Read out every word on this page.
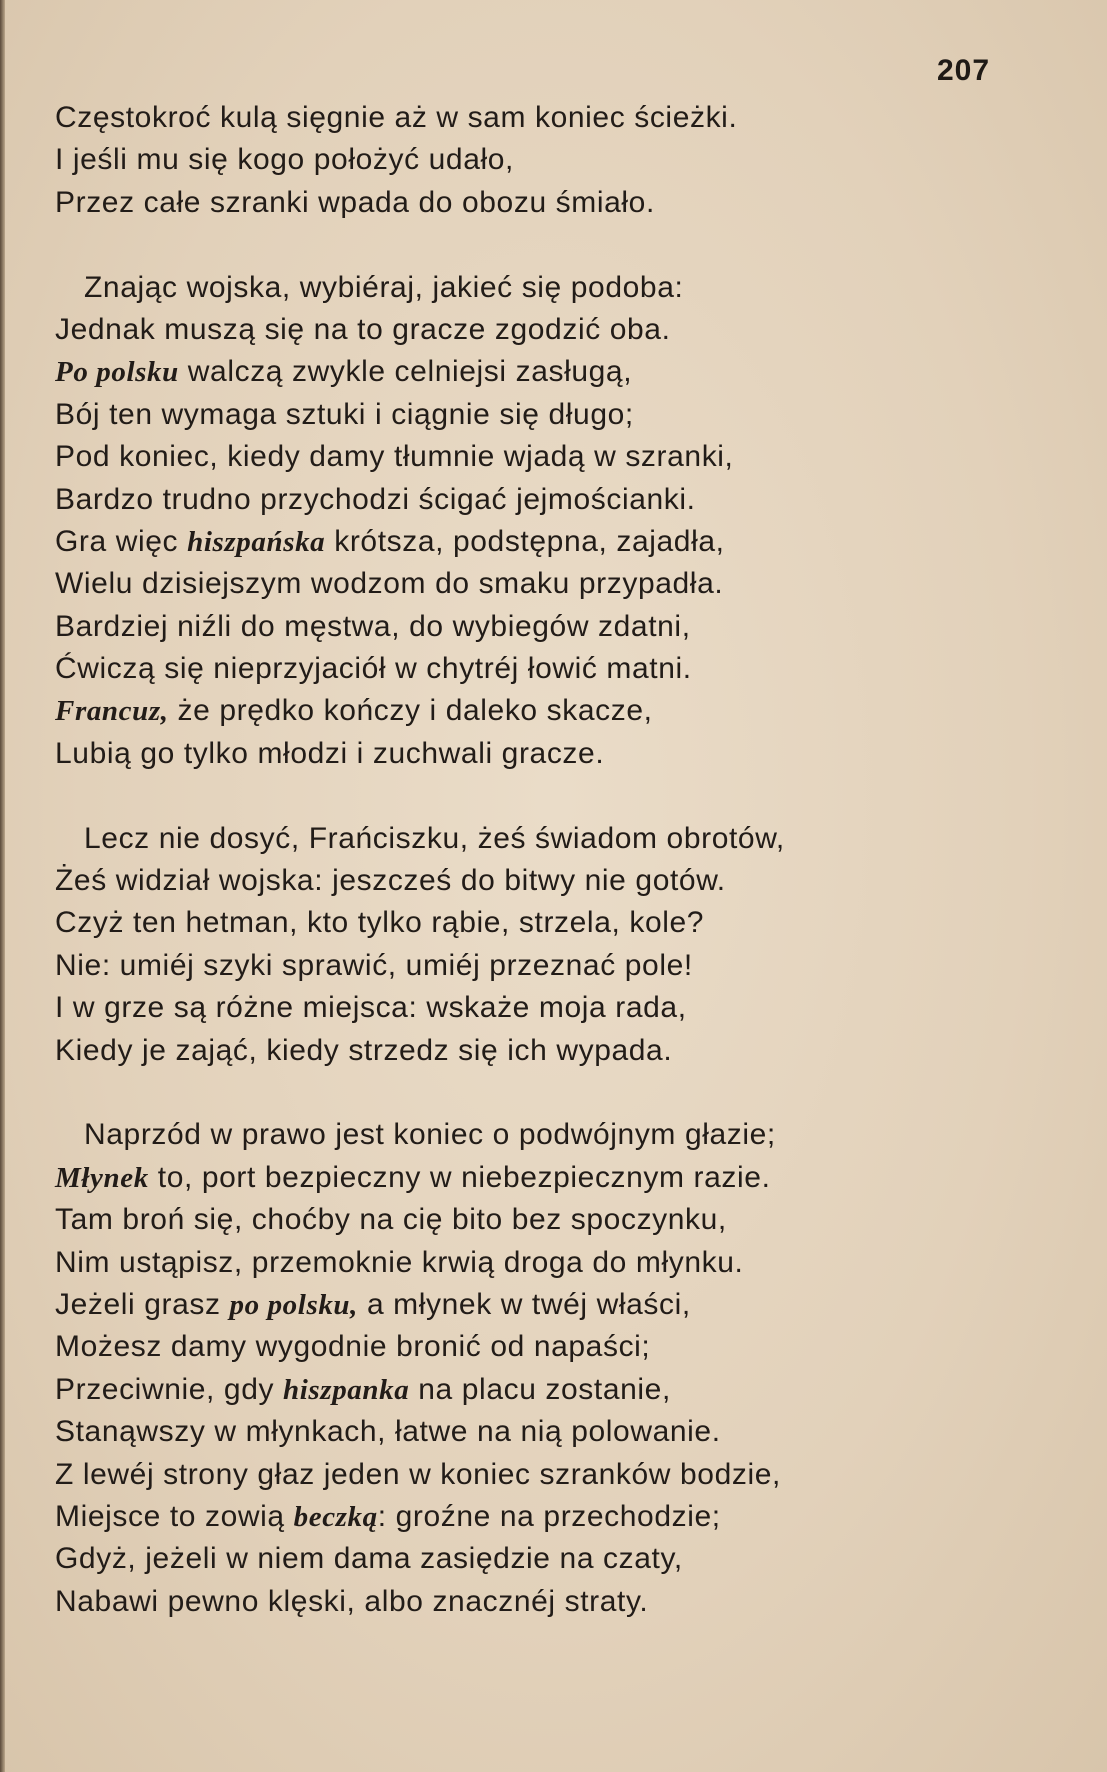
207
Częstokroć kulą sięgnie aż w sam koniec ścieżki.
I jeśli mu się kogo położyć udało,
Przez całe szranki wpada do obozu śmiało.
Znając wojska, wybiéraj, jakieć się podoba:
Jednak muszą się na to gracze zgodzić oba.
Po polsku walczą zwykle celniejsi zasługą,
Bój ten wymaga sztuki i ciągnie się długo;
Pod koniec, kiedy damy tłumnie wjadą w szranki,
Bardzo trudno przychodzi ścigać jejmościanki.
Gra więc hiszpańska krótsza, podstępna, zajadła,
Wielu dzisiejszym wodzom do smaku przypadła.
Bardziej niźli do męstwa, do wybiegów zdatni,
Ćwiczą się nieprzyjaciół w chytréj łowić matni.
Francuz, że prędko kończy i daleko skacze,
Lubią go tylko młodzi i zuchwali gracze.
Lecz nie dosyć, Frańciszku, żeś świadom obrotów,
Żeś widział wojska: jeszcześ do bitwy nie gotów.
Czyż ten hetman, kto tylko rąbie, strzela, kole?
Nie: umiéj szyki sprawić, umiéj przeznać pole!
I w grze są różne miejsca: wskaże moja rada,
Kiedy je zająć, kiedy strzedz się ich wypada.
Naprzód w prawo jest koniec o podwójnym głazie;
Młynek to, port bezpieczny w niebezpiecznym razie.
Tam broń się, choćby na cię bito bez spoczynku,
Nim ustąpisz, przemoknie krwią droga do młynku.
Jeżeli grasz po polsku, a młynek w twéj właści,
Możesz damy wygodnie bronić od napaści;
Przeciwnie, gdy hiszpanka na placu zostanie,
Stanąwszy w młynkach, łatwe na nią polowanie.
Z lewéj strony głaz jeden w koniec szranków bodzie,
Miejsce to zowią beczką: groźne na przechodzie;
Gdyż, jeżeli w niem dama zasiędzie na czaty,
Nabawi pewno klęski, albo znacznéj straty.
